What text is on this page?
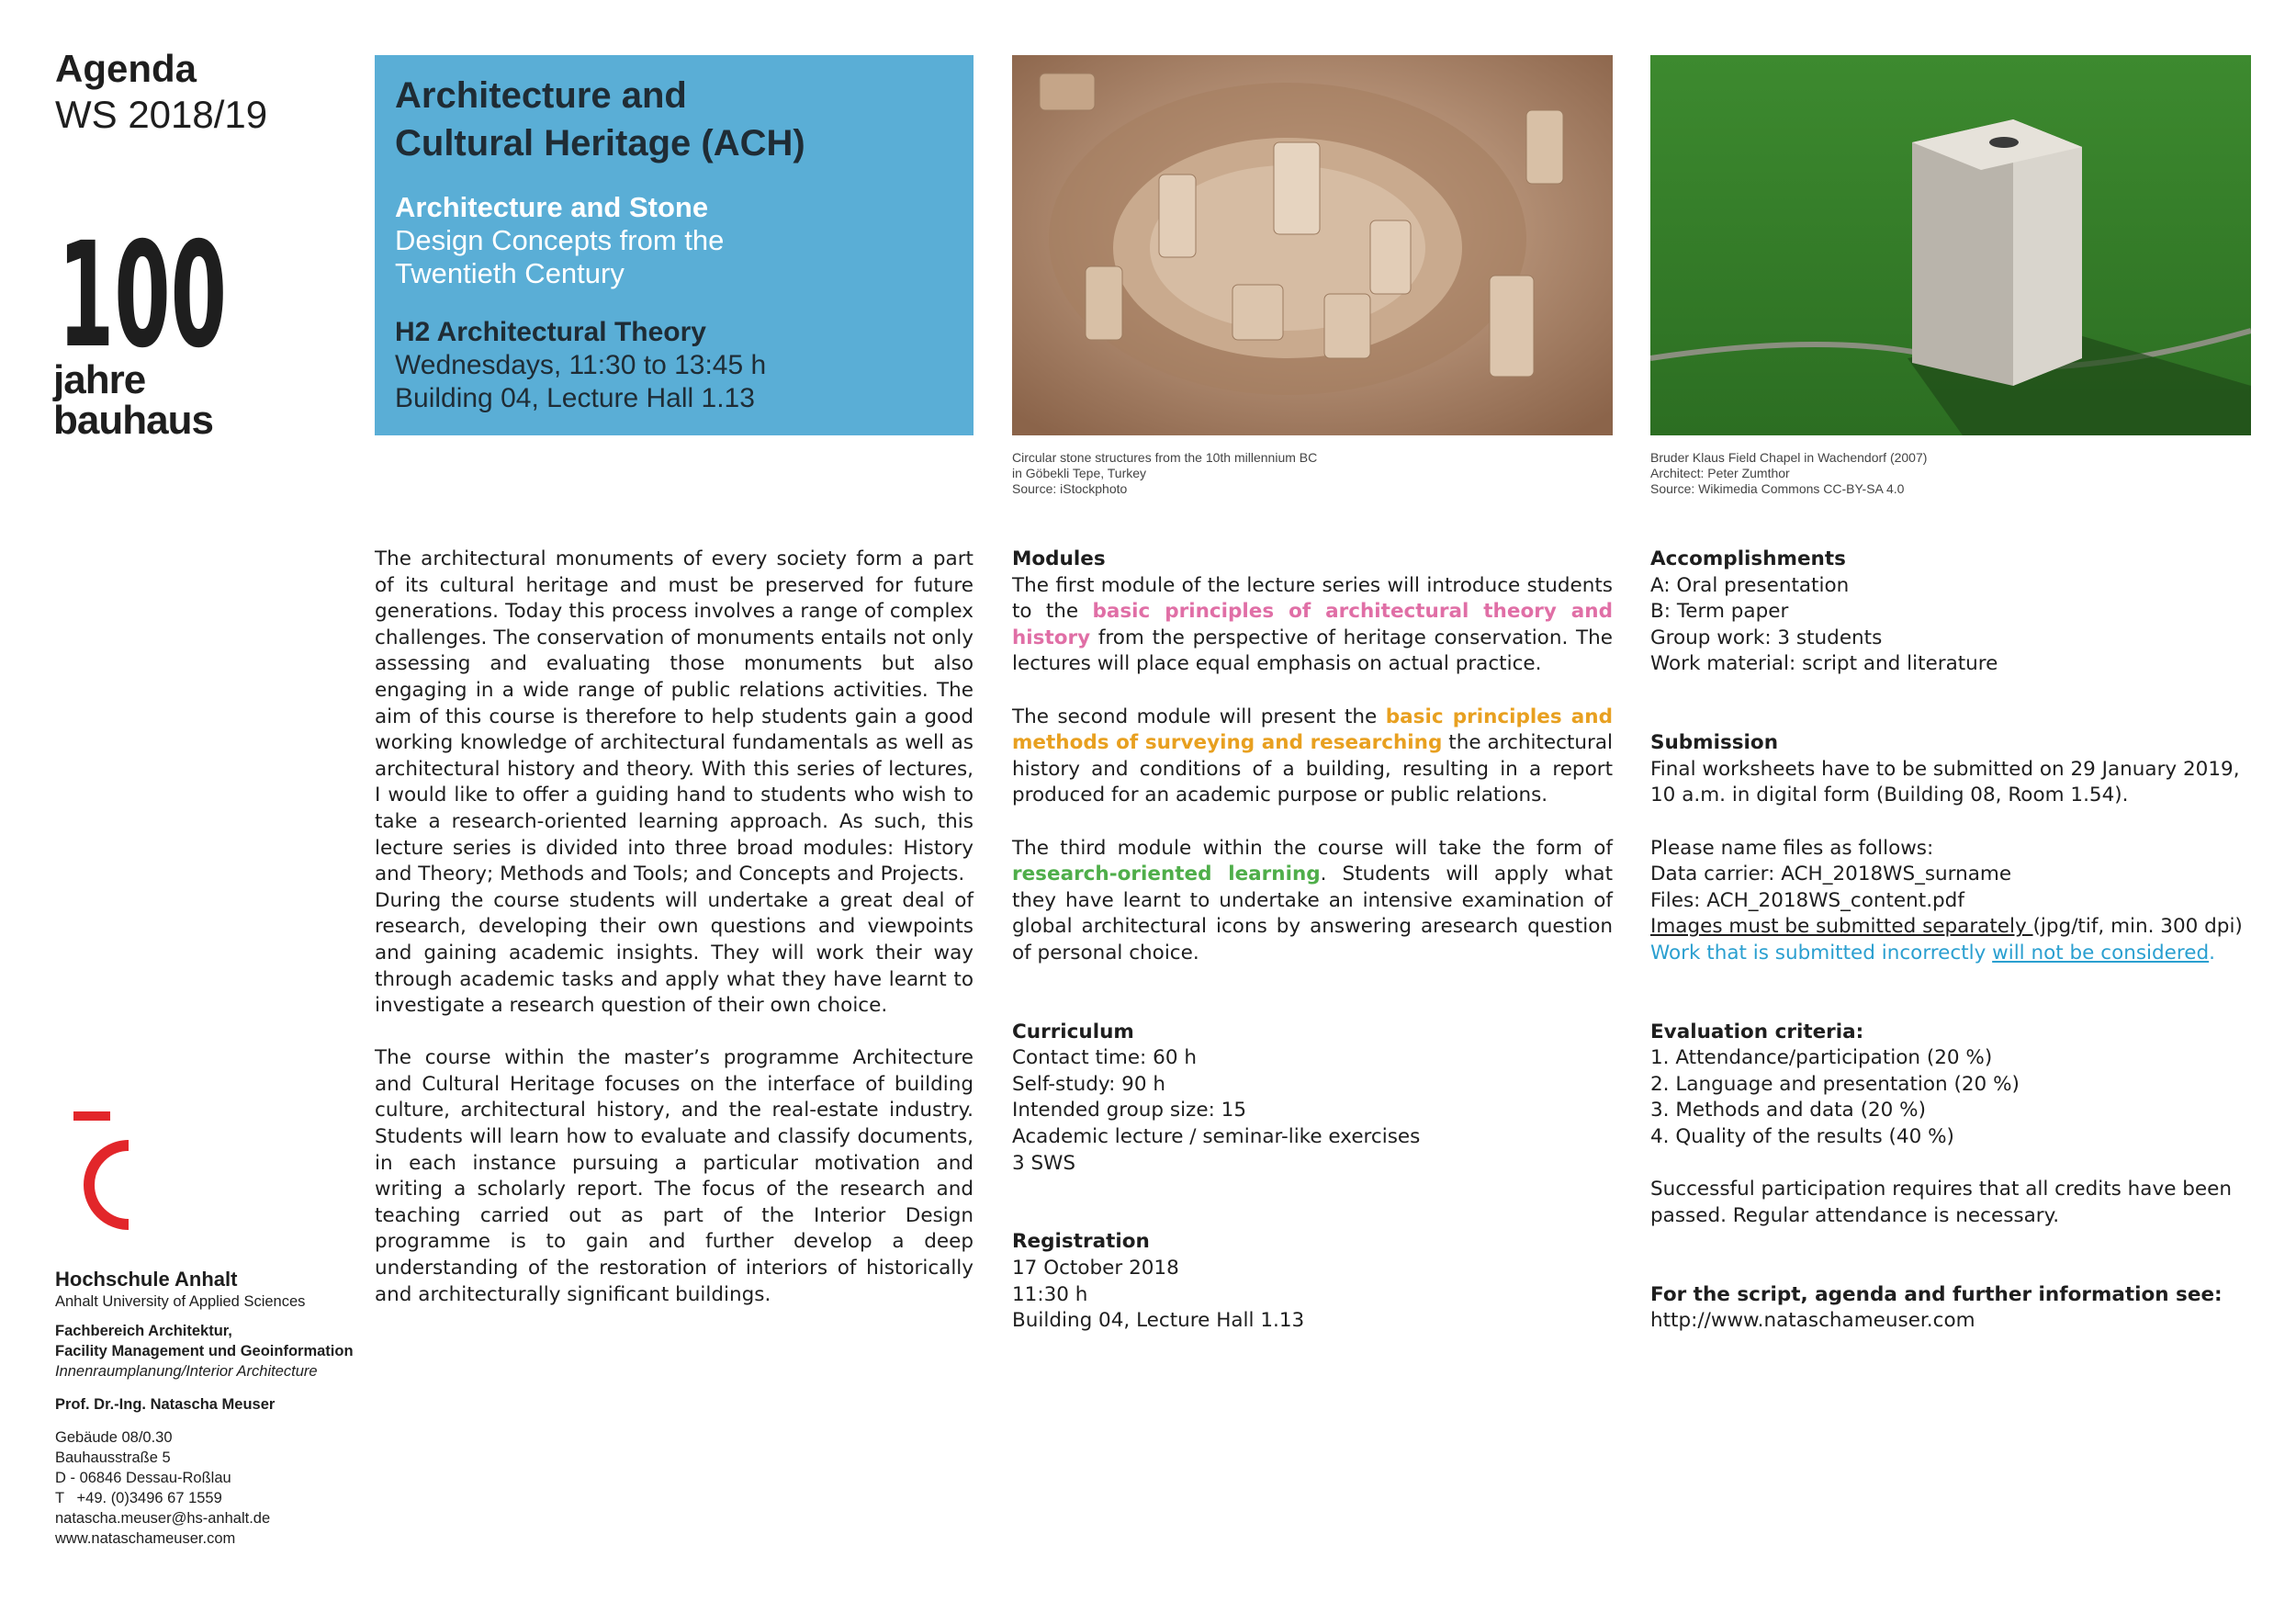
Agenda
WS 2018/19
100
jahre
bauhaus
Architecture and
Cultural Heritage (ACH)
Architecture and Stone
Design Concepts from the
Twentieth Century
H2 Architectural Theory
Wednesdays, 11:30 to 13:45 h
Building 04, Lecture Hall 1.13
Circular stone structures from the 10th millennium BC
in Göbekli Tepe, Turkey
Source: iStockphoto
Bruder Klaus Field Chapel in Wachendorf (2007)
Architect: Peter Zumthor
Source: Wikimedia Commons CC-BY-SA 4.0

The architectural monuments of every society form a part of its cultural heritage and must be preserved for future generations. Today this process involves a range of complex challenges. The conservation of monuments entails not only assessing and evaluating those monuments but also engaging in a wide range of public relations activities. The aim of this course is therefore to help students gain a good working knowledge of architectural fundamentals as well as architectural history and theory. With this series of lectures, I would like to offer a guiding hand to students who wish to take a research-oriented learning approach. As such, this lecture series is divided into three broad modules: History and Theory; Methods and Tools; and Concepts and Projects.

During the course students will undertake a great deal of research, developing their own questions and viewpoints and gaining academic insights. They will work their way through academic tasks and apply what they have learnt to investigate a research question of their own choice.

The course within the master’s programme Architecture and Cultural Heritage focuses on the interface of building culture, architectural history, and the real-estate industry. Students will learn how to evaluate and classify documents, in each instance pursuing a particular motivation and writing a scholarly report. The focus of the research and teaching carried out as part of the Interior Design programme is to gain and further develop a deep understanding of the restoration of interiors of historically and architecturally significant buildings.

Modules

The first module of the lecture series will introduce students to the basic principles of architectural theory and history from the perspective of heritage conservation. The lectures will place equal emphasis on actual practice.

The second module will present the basic principles and methods of surveying and researching the architectural history and conditions of a building, resulting in a report produced for an academic purpose or public relations.

The third module within the course will take the form of research-oriented learning. Students will apply what they have learnt to undertake an intensive examination of global architectural icons by answering aresearch question of personal choice.

Curriculum
Contact time: 60 h
Self-study: 90 h
Intended group size: 15
Academic lecture / seminar-like exercises
3 SWS
Registration
17 October 2018
11:30 h
Building 04, Lecture Hall 1.13
Accomplishments
A: Oral presentation
B: Term paper
Group work: 3 students
Work material: script and literature
Submission
Final worksheets have to be submitted on 29 January 2019,
10 a.m. in digital form (Building 08, Room 1.54).
Please name files as follows:
Data carrier: ACH_2018WS_surname
Files: ACH_2018WS_content.pdf
Images must be submitted separately (jpg/tif, min. 300 dpi)
Work that is submitted incorrectly will not be considered.
Evaluation criteria:
1. Attendance/participation (20 %)
2. Language and presentation (20 %)
3. Methods and data (20 %)
4. Quality of the results (40 %)
Successful participation requires that all credits have been passed. Regular attendance is necessary.
For the script, agenda and further information see:
http://www.nataschameuser.com
Hochschule Anhalt
Anhalt University of Applied Sciences
Fachbereich Architektur,
Facility Management und Geoinformation
Innenraumplanung/Interior Architecture
Prof. Dr.-Ing. Natascha Meuser
Gebäude 08/0.30
Bauhausstraße 5
D - 06846 Dessau-Roßlau
T   +49. (0)3496 67 1559
natascha.meuser@hs-anhalt.de
www.nataschameuser.com
